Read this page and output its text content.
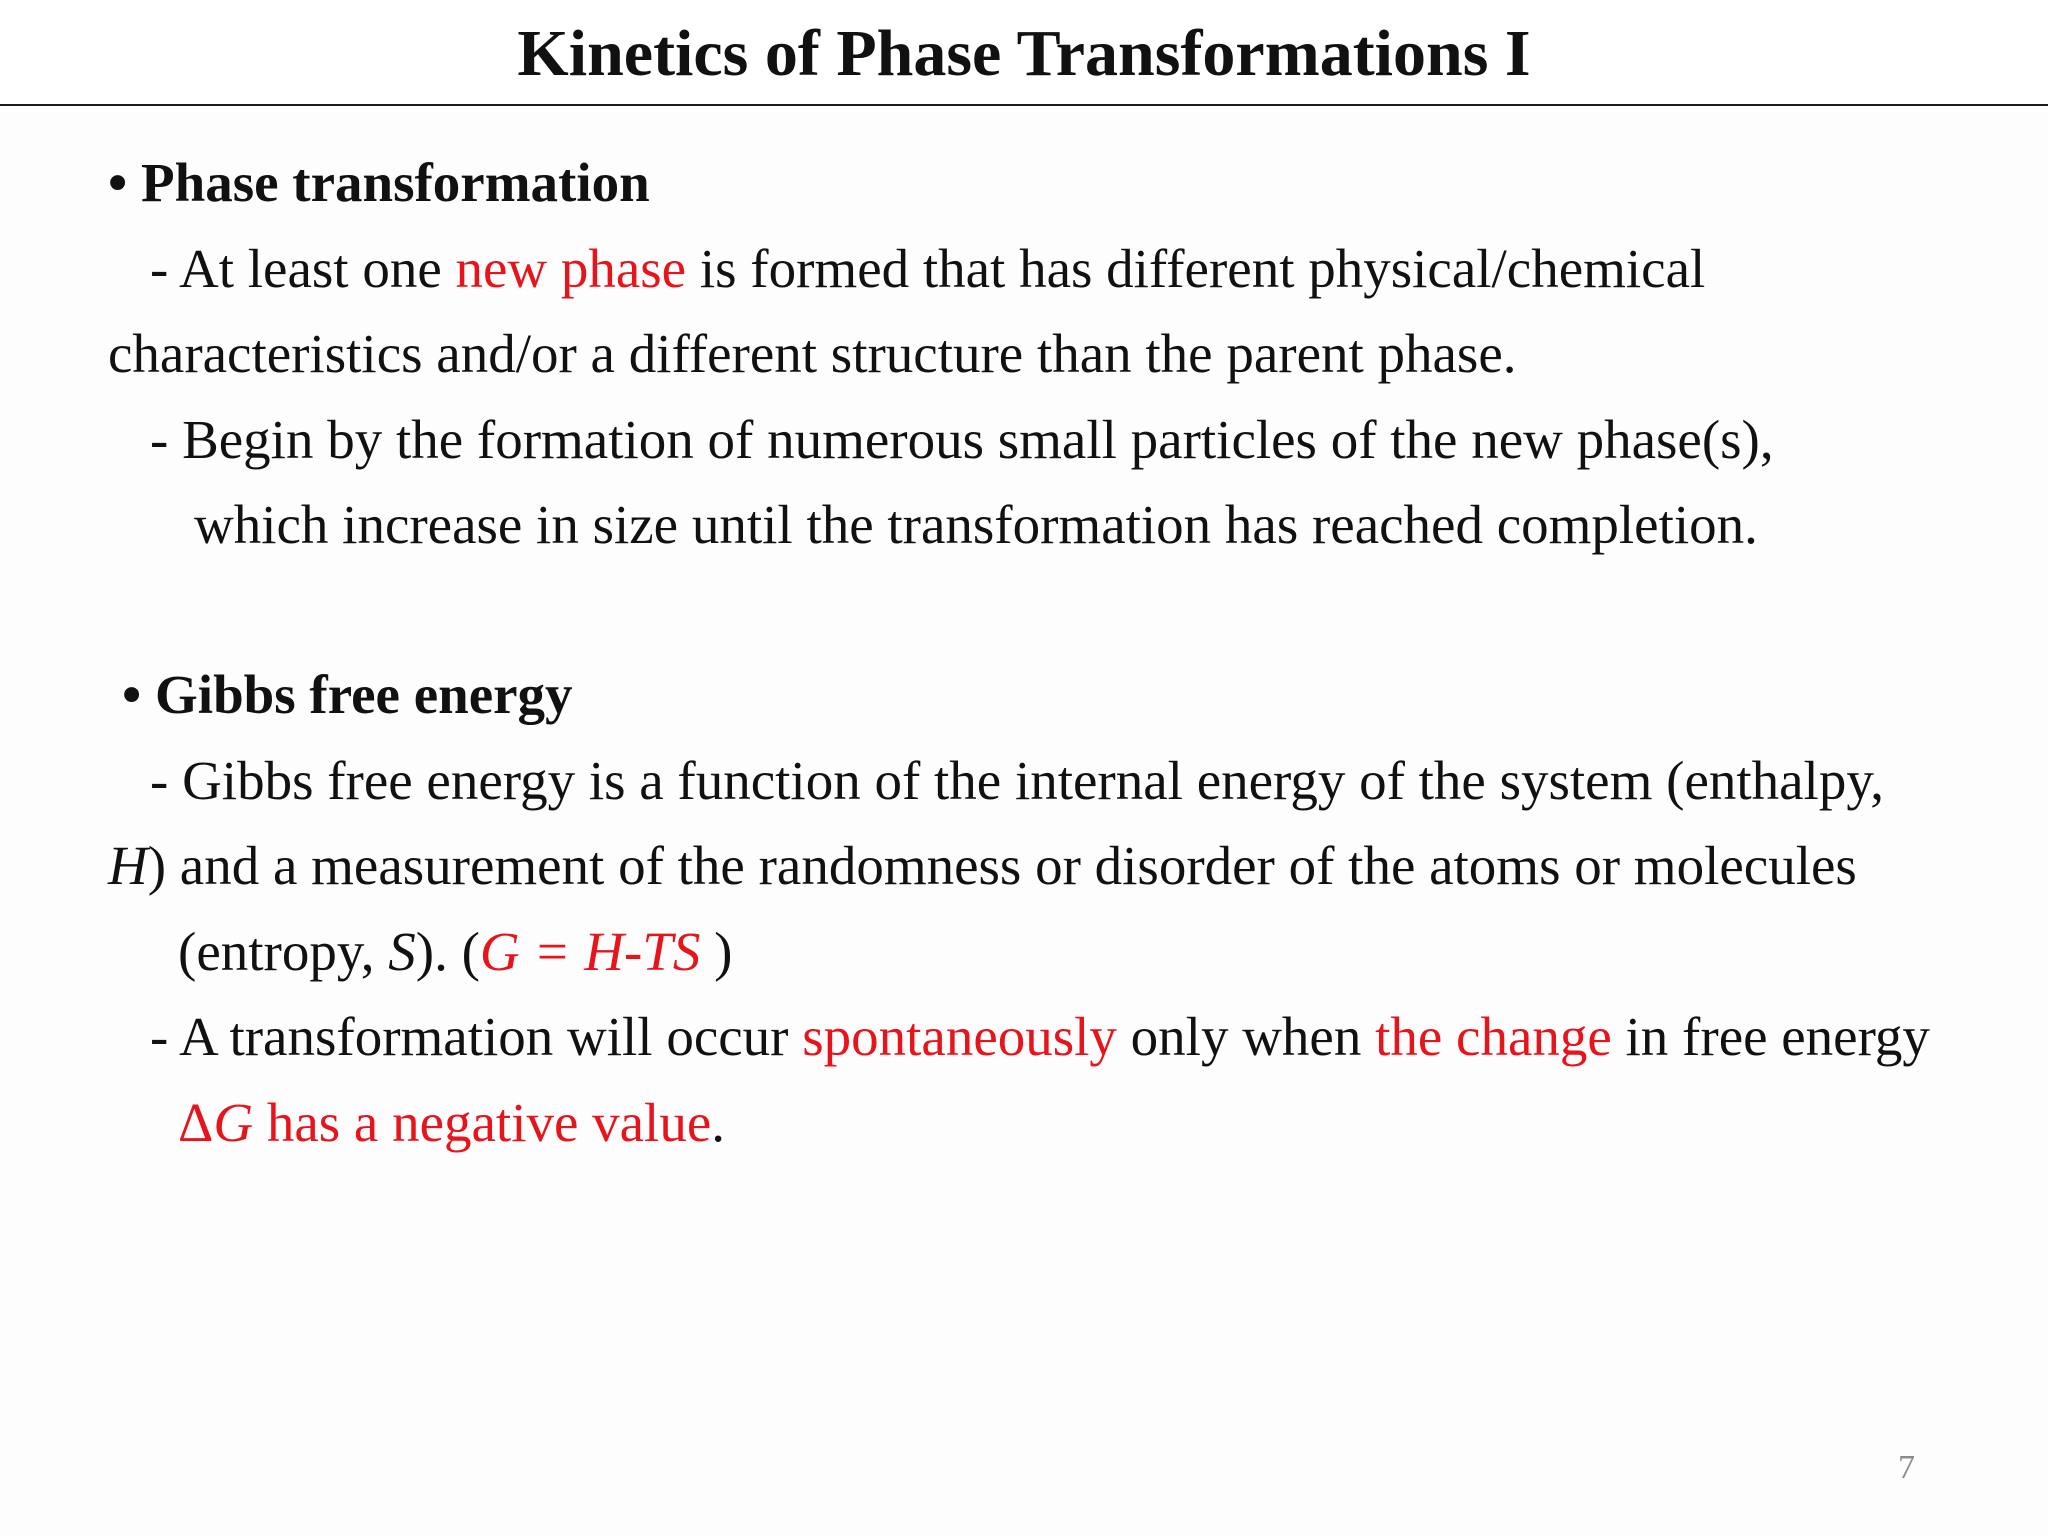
Kinetics of Phase Transformations I
• Phase transformation
- At least one new phase is formed that has different physical/chemical
characteristics and/or a different structure than the parent phase.
- Begin by the formation of numerous small particles of the new phase(s),
which increase in size until the transformation has reached completion.
• Gibbs free energy
- Gibbs free energy is a function of the internal energy of the system (enthalpy,
H) and a measurement of the randomness or disorder of the atoms or molecules
(entropy, S). (G = H-TS )
- A transformation will occur spontaneously only when the change in free energy
ΔG has a negative value.
7
